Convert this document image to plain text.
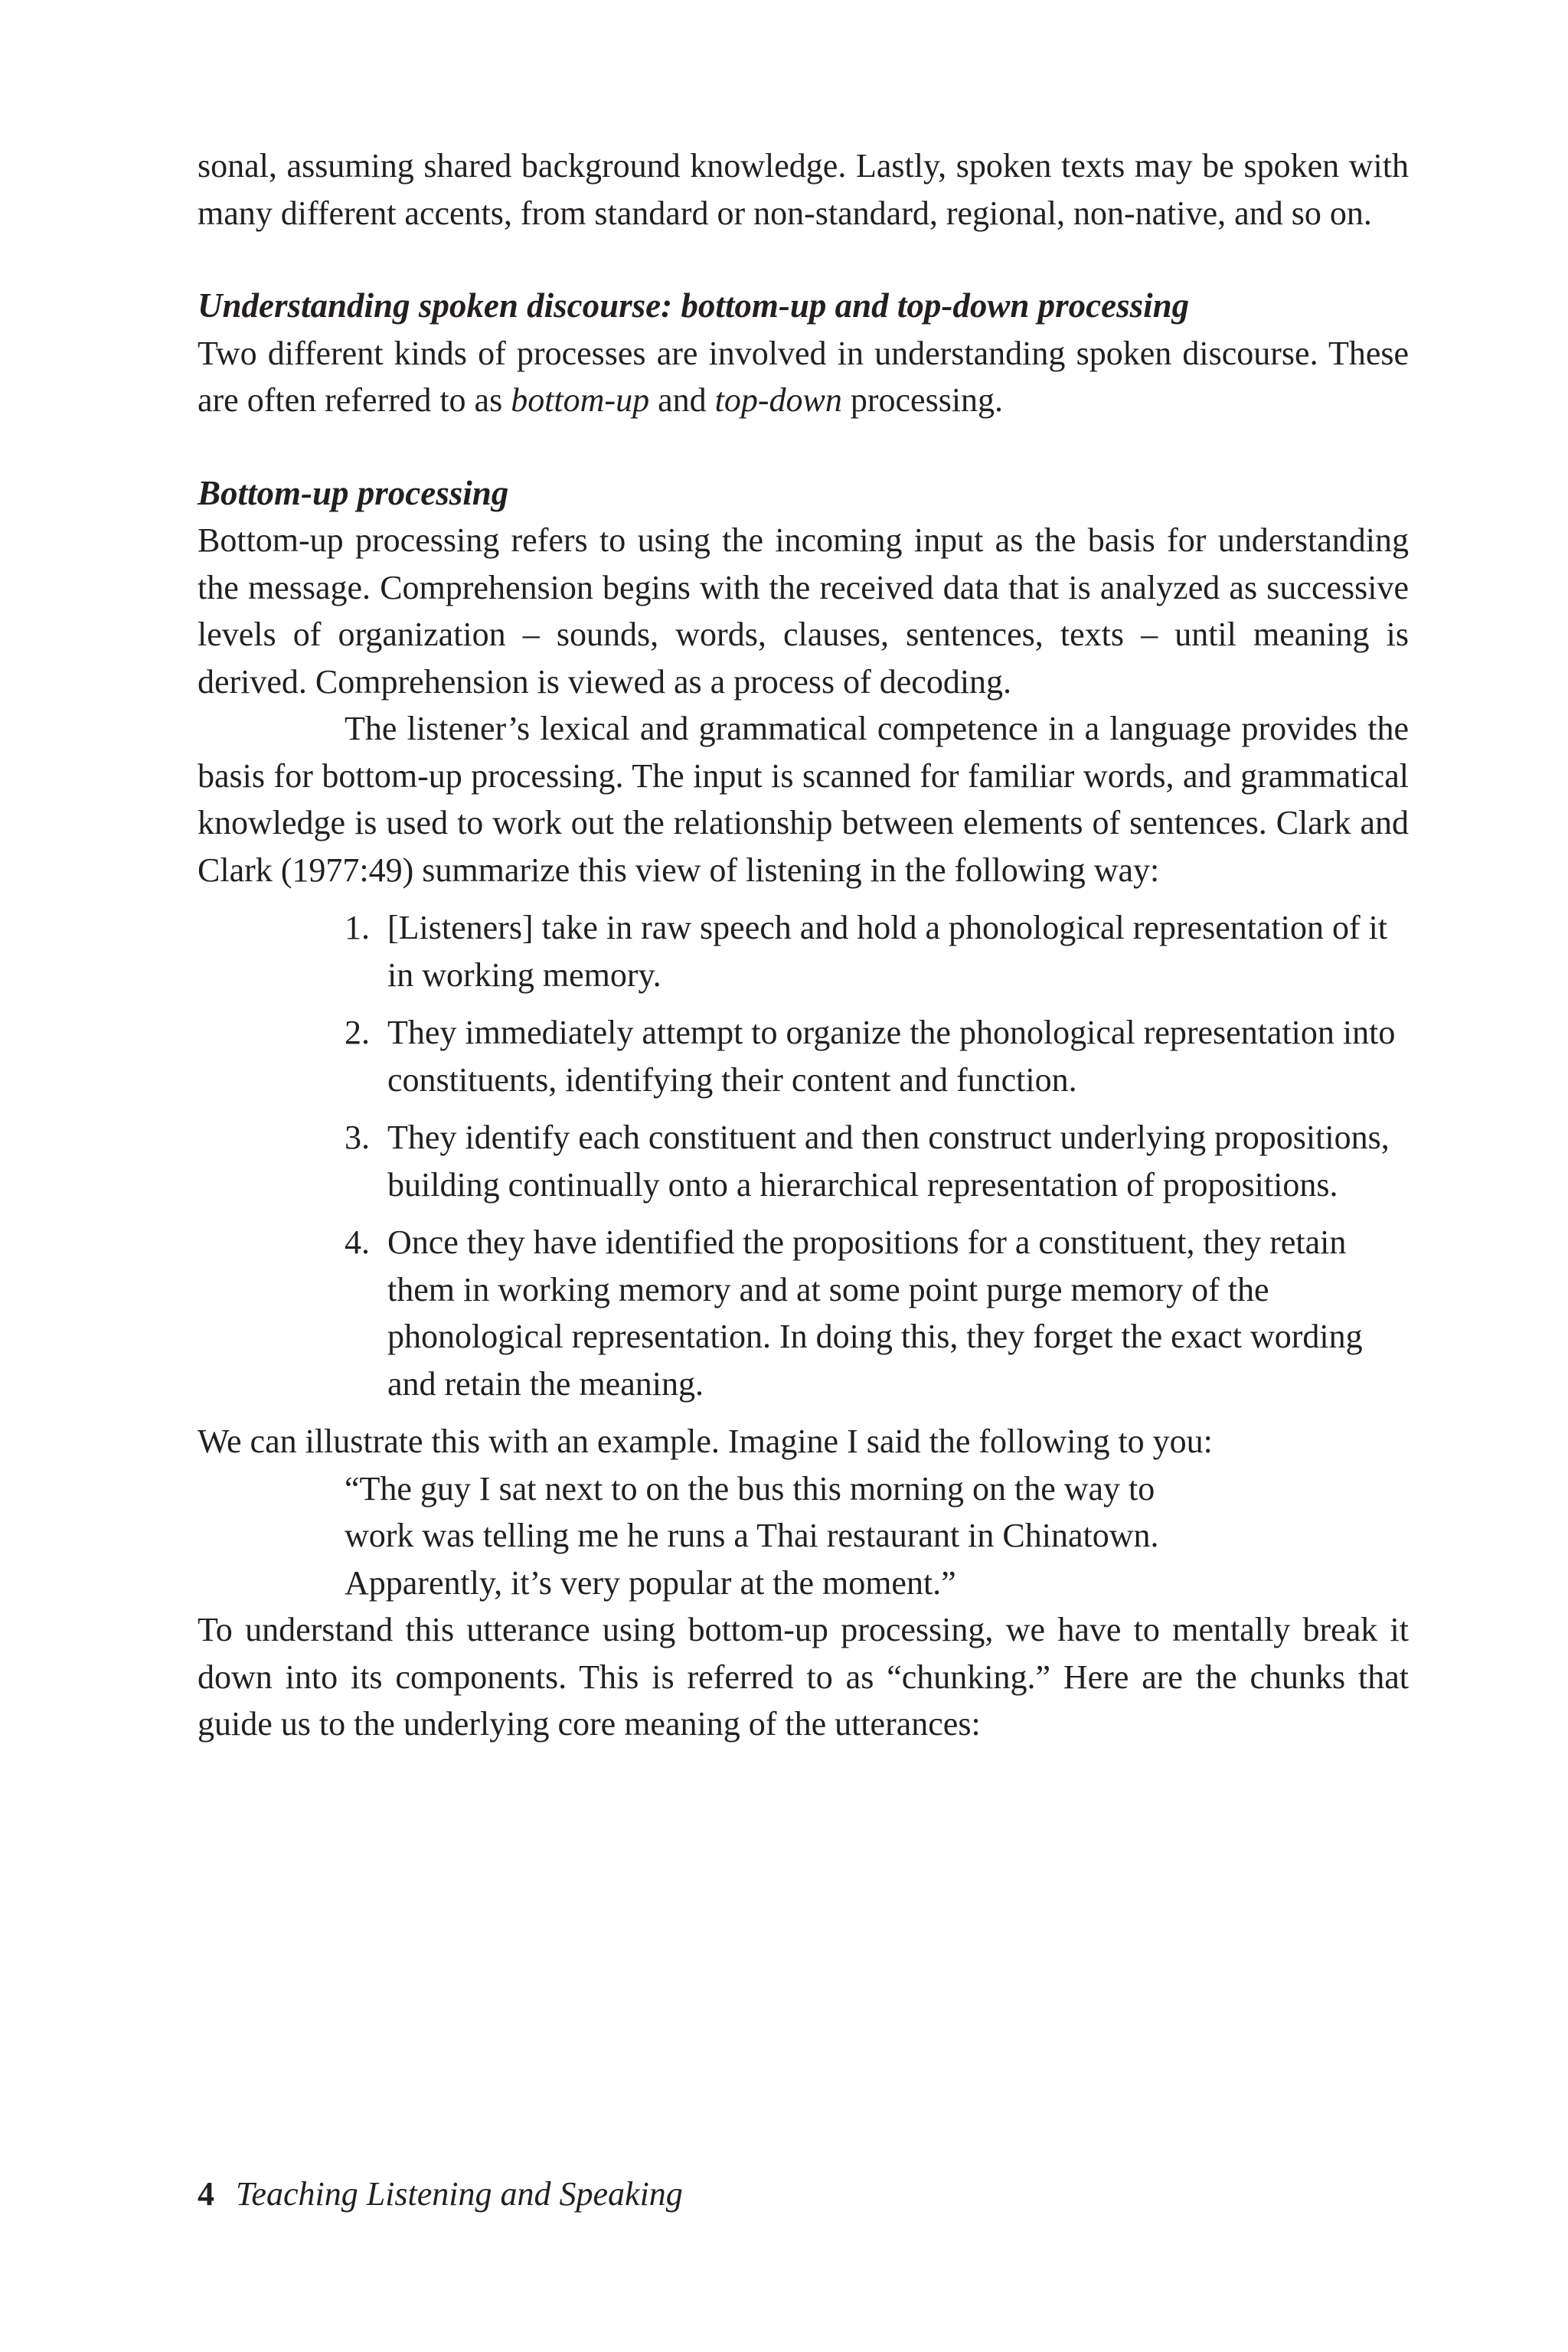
sonal, assuming shared background knowledge. Lastly, spoken texts may be spoken with many different accents, from standard or non-standard, regional, non-native, and so on.

Understanding spoken discourse: bottom-up and top-down processing

Two different kinds of processes are involved in understanding spoken discourse. These are often referred to as bottom-up and top-down processing.

Bottom-up processing

Bottom-up processing refers to using the incoming input as the basis for understanding the message. Comprehension begins with the received data that is analyzed as successive levels of organization – sounds, words, clauses, sentences, texts – until meaning is derived. Comprehension is viewed as a process of decoding.

The listener’s lexical and grammatical competence in a language provides the basis for bottom-up processing. The input is scanned for familiar words, and grammatical knowledge is used to work out the relationship between elements of sentences. Clark and Clark (1977:49) summarize this view of listening in the following way:

1. [Listeners] take in raw speech and hold a phonological representation of it in working memory.
2. They immediately attempt to organize the phonological representation into constituents, identifying their content and function.
3. They identify each constituent and then construct underlying propositions, building continually onto a hierarchical representation of propositions.
4. Once they have identified the propositions for a constituent, they retain them in working memory and at some point purge memory of the phonological representation. In doing this, they forget the exact wording and retain the meaning.

We can illustrate this with an example. Imagine I said the following to you:

“The guy I sat next to on the bus this morning on the way to work was telling me he runs a Thai restaurant in Chinatown. Apparently, it’s very popular at the moment.”

To understand this utterance using bottom-up processing, we have to mentally break it down into its components. This is referred to as “chunking.” Here are the chunks that guide us to the underlying core meaning of the utterances:

4 Teaching Listening and Speaking
